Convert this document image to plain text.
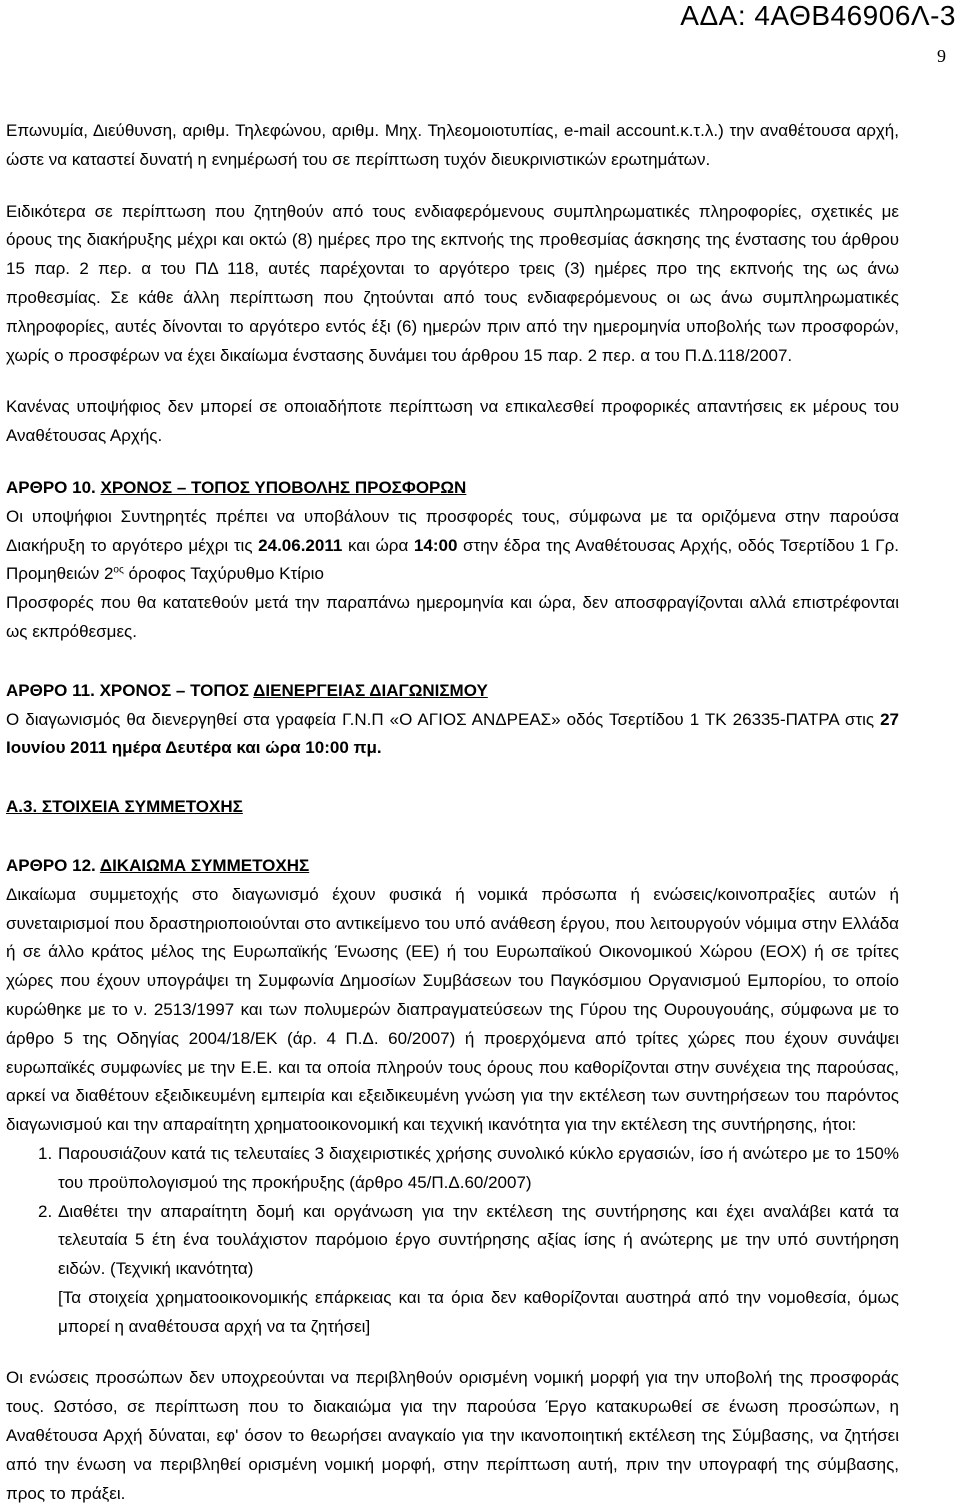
ΑΔΑ: 4ΑΘΒ46906Λ-3
9

Επωνυμία, Διεύθυνση, αριθμ. Τηλεφώνου, αριθμ. Μηχ. Τηλεομοιοτυπίας, e-mail account.κ.τ.λ.) την αναθέτουσα αρχή, ώστε να καταστεί δυνατή η ενημέρωσή του σε περίπτωση τυχόν διευκρινιστικών ερωτημάτων.

Ειδικότερα σε περίπτωση που ζητηθούν από τους ενδιαφερόμενους συμπληρωματικές πληροφορίες, σχετικές με όρους της διακήρυξης μέχρι και οκτώ (8) ημέρες προ της εκπνοής της προθεσμίας άσκησης της ένστασης του άρθρου 15 παρ. 2 περ. α του ΠΔ 118, αυτές παρέχονται το αργότερο τρεις (3) ημέρες προ της εκπνοής της ως άνω προθεσμίας. Σε κάθε άλλη περίπτωση που ζητούνται από τους ενδιαφερόμενους οι ως άνω συμπληρωματικές πληροφορίες, αυτές δίνονται το αργότερο εντός έξι (6) ημερών πριν από την ημερομηνία υποβολής των προσφορών, χωρίς ο προσφέρων να έχει δικαίωμα ένστασης δυνάμει του άρθρου 15 παρ. 2 περ. α του Π.Δ.118/2007.

Κανένας υποψήφιος δεν μπορεί σε οποιαδήποτε περίπτωση να επικαλεσθεί προφορικές απαντήσεις εκ μέρους του Αναθέτουσας Αρχής.

ΑΡΘΡΟ 10. ΧΡΟΝΟΣ – ΤΟΠΟΣ ΥΠΟΒΟΛΗΣ ΠΡΟΣΦΟΡΩΝ

Οι υποψήφιοι Συντηρητές πρέπει να υποβάλουν τις προσφορές τους, σύμφωνα με τα οριζόμενα στην παρούσα Διακήρυξη το αργότερο μέχρι τις 24.06.2011 και ώρα 14:00 στην έδρα της Αναθέτουσας Αρχής, οδός Τσερτίδου 1 Γρ. Προμηθειών $2^{o\varsigma}$ όροφος Ταχύρυθμο Κτίριο

Προσφορές που θα κατατεθούν μετά την παραπάνω ημερομηνία και ώρα, δεν αποσφραγίζονται αλλά επιστρέφονται ως εκπρόθεσμες.

ΑΡΘΡΟ 11. ΧΡΟΝΟΣ – ΤΟΠΟΣ ΔΙΕΝΕΡΓΕΙΑΣ ΔΙΑΓΩΝΙΣΜΟΥ

Ο διαγωνισμός θα διενεργηθεί στα γραφεία Γ.Ν.Π «Ο ΑΓΙΟΣ ΑΝΔΡΕΑΣ» οδός Τσερτίδου 1 ΤΚ 26335-ΠΑΤΡΑ στις 27 Ιουνίου 2011 ημέρα Δευτέρα και ώρα 10:00 πμ.

Α.3. ΣΤΟΙΧΕΙΑ ΣΥΜΜΕΤΟΧΗΣ

ΑΡΘΡΟ 12. ΔΙΚΑΙΩΜΑ ΣΥΜΜΕΤΟΧΗΣ

Δικαίωμα συμμετοχής στο διαγωνισμό έχουν φυσικά ή νομικά πρόσωπα ή ενώσεις/κοινοπραξίες αυτών ή συνεταιρισμοί που δραστηριοποιούνται στο αντικείμενο του υπό ανάθεση έργου, που λειτουργούν νόμιμα στην Ελλάδα ή σε άλλο κράτος μέλος της Ευρωπαϊκής Ένωσης (ΕΕ) ή του Ευρωπαϊκού Οικονομικού Χώρου (ΕΟΧ) ή σε τρίτες χώρες που έχουν υπογράψει τη Συμφωνία Δημοσίων Συμβάσεων του Παγκόσμιου Οργανισμού Εμπορίου, το οποίο κυρώθηκε με το ν. 2513/1997 και των πολυμερών διαπραγματεύσεων της Γύρου της Ουρουγουάης, σύμφωνα με το άρθρο 5 της Οδηγίας 2004/18/ΕΚ (άρ. 4 Π.Δ. 60/2007) ή προερχόμενα από τρίτες χώρες που έχουν συνάψει ευρωπαϊκές συμφωνίες με την Ε.Ε. και τα οποία πληρούν τους όρους που καθορίζονται στην συνέχεια της παρούσας, αρκεί να διαθέτουν εξειδικευμένη εμπειρία και εξειδικευμένη γνώση για την εκτέλεση των συντηρήσεων του παρόντος διαγωνισμού και την απαραίτητη χρηματοοικονομική και τεχνική ικανότητα για την εκτέλεση της συντήρησης, ήτοι:

1. Παρουσιάζουν κατά τις τελευταίες 3 διαχειριστικές χρήσης συνολικό κύκλο εργασιών, ίσο ή ανώτερο με το 150% του προϋπολογισμού της προκήρυξης (άρθρο 45/Π.Δ.60/2007)
2. Διαθέτει την απαραίτητη δομή και οργάνωση για την εκτέλεση της συντήρησης και έχει αναλάβει κατά τα τελευταία 5 έτη ένα τουλάχιστον παρόμοιο έργο συντήρησης αξίας ίσης ή ανώτερης με την υπό συντήρηση ειδών. (Τεχνική ικανότητα)

[Τα στοιχεία χρηματοοικονομικής επάρκειας και τα όρια δεν καθορίζονται αυστηρά από την νομοθεσία, όμως μπορεί η αναθέτουσα αρχή να τα ζητήσει]

Οι ενώσεις προσώπων δεν υποχρεούνται να περιβληθούν ορισμένη νομική μορφή για την υποβολή της προσφοράς τους. Ωστόσο, σε περίπτωση που το διακαιώμα για την παρούσα Έργο κατακυρωθεί σε ένωση προσώπων, η Αναθέτουσα Αρχή δύναται, εφ' όσον το θεωρήσει αναγκαίο για την ικανοποιητική εκτέλεση της Σύμβασης, να ζητήσει από την ένωση να περιβληθεί ορισμένη νομική μορφή, στην περίπτωση αυτή, πριν την υπογραφή της σύμβασης, προς το πράξει.
